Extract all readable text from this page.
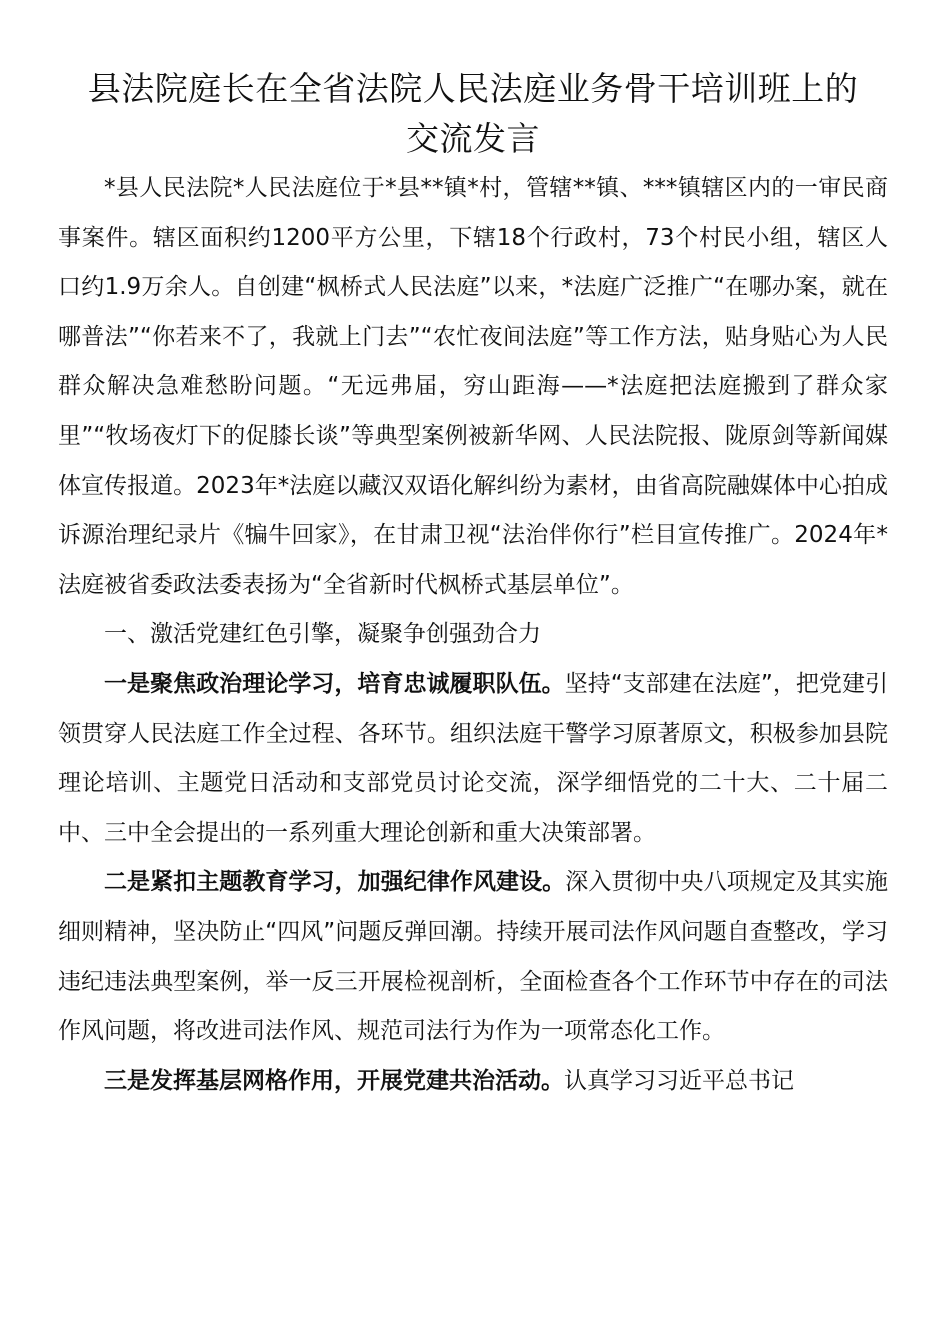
县法院庭长在全省法院人民法庭业务骨干培训班上的
交流发言

*县人民法院*人民法庭位于*县**镇*村，管辖**镇、***镇辖区内的一审民商事案件。辖区面积约1200平方公里，下辖18个行政村，73个村民小组，辖区人口约1.9万余人。自创建“枫桥式人民法庭”以来，*法庭广泛推广“在哪办案，就在哪普法”“你若来不了，我就上门去”“农忙夜间法庭”等工作方法，贴身贴心为人民群众解决急难愁盼问题。“无远弗届，穷山距海——*法庭把法庭搬到了群众家里”“牧场夜灯下的促膝长谈”等典型案例被新华网、人民法院报、陇原剑等新闻媒体宣传报道。2023年*法庭以藏汉双语化解纠纷为素材，由省高院融媒体中心拍成诉源治理纪录片《犏牛回家》，在甘肃卫视“法治伴你行”栏目宣传推广。2024年*法庭被省委政法委表扬为“全省新时代枫桥式基层单位”。

一、激活党建红色引擎，凝聚争创强劲合力

一是聚焦政治理论学习，培育忠诚履职队伍。坚持“支部建在法庭”，把党建引领贯穿人民法庭工作全过程、各环节。组织法庭干警学习原著原文，积极参加县院理论培训、主题党日活动和支部党员讨论交流，深学细悟党的二十大、二十届二中、三中全会提出的一系列重大理论创新和重大决策部署。

二是紧扣主题教育学习，加强纪律作风建设。深入贯彻中央八项规定及其实施细则精神，坚决防止“四风”问题反弹回潮。持续开展司法作风问题自查整改，学习违纪违法典型案例，举一反三开展检视剖析，全面检查各个工作环节中存在的司法作风问题，将改进司法作风、规范司法行为作为一项常态化工作。

三是发挥基层网格作用，开展党建共治活动。认真学习习近平总书记
